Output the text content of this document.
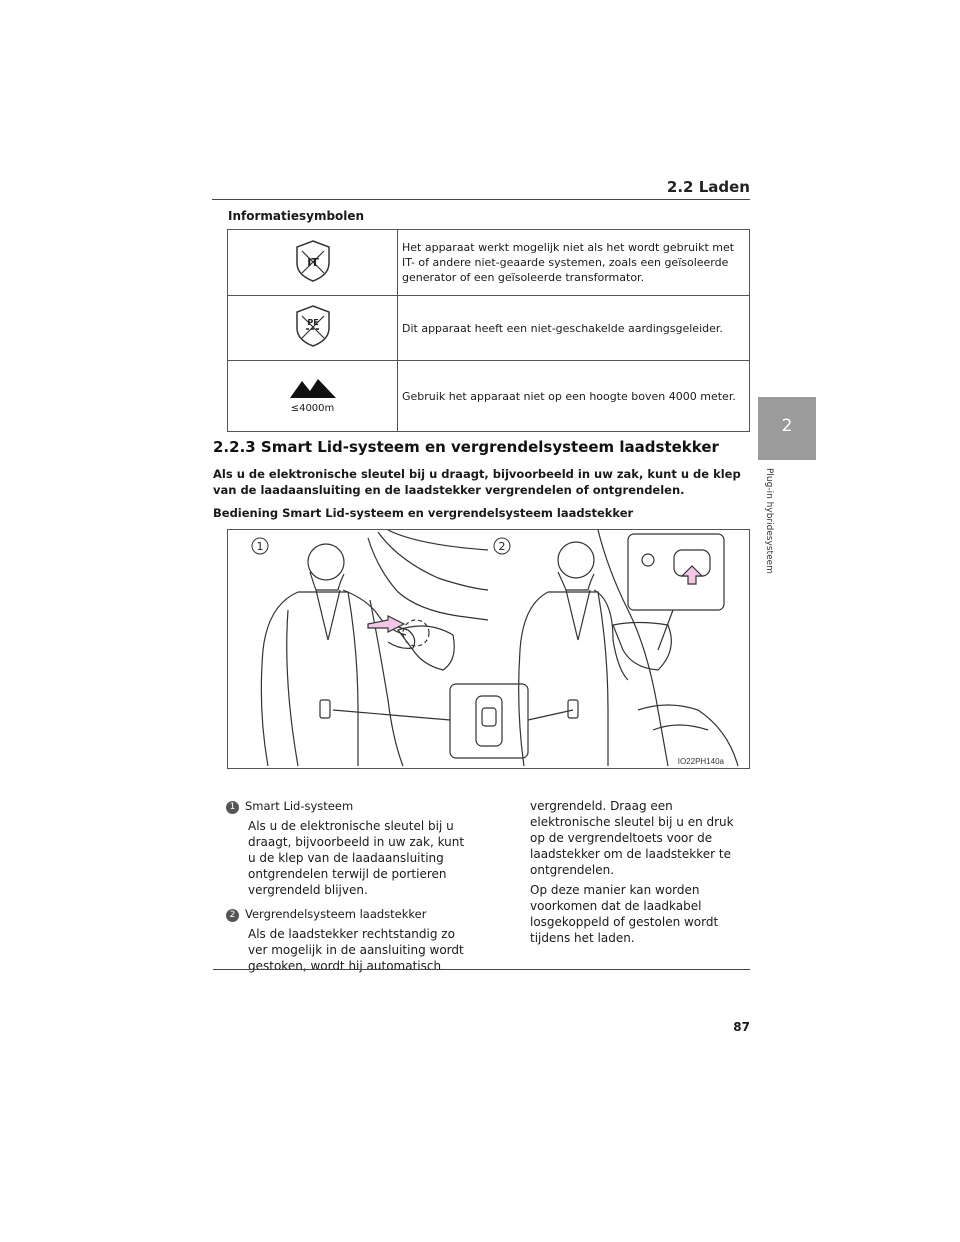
2.2 Laden
2
Plug-in hybridesysteem
Informatiesymbolen
IT	Het apparaat werkt mogelijk niet als het wordt gebruikt met IT- of andere niet-geaarde systemen, zoals een geïsoleerde generator of een geïsoleerde transformator.

PE	Dit apparaat heeft een niet-geschakelde aardingsgeleider.

≤4000m	Gebruik het apparaat niet op een hoogte boven 4000 meter.
2.2.3 Smart Lid-systeem en vergrendelsysteem laadstekker
Als u de elektronische sleutel bij u draagt, bijvoorbeeld in uw zak, kunt u de klep van de laadaansluiting en de laadstekker vergrendelen of ontgrendelen.
Bediening Smart Lid-systeem en vergrendelsysteem laadstekker
1	2
IO22PH140a

1 Smart Lid-systeem

Als u de elektronische sleutel bij u draagt, bijvoorbeeld in uw zak, kunt u de klep van de laadaansluiting ontgrendelen terwijl de portieren vergrendeld blijven.

2 Vergrendelsysteem laadstekker

Als de laadstekker rechtstandig zo ver mogelijk in de aansluiting wordt gestoken, wordt hij automatisch

vergrendeld. Draag een elektronische sleutel bij u en druk op de vergrendeltoets voor de laadstekker om de laadstekker te ontgrendelen.

Op deze manier kan worden voorkomen dat de laadkabel losgekoppeld of gestolen wordt tijdens het laden.

87
